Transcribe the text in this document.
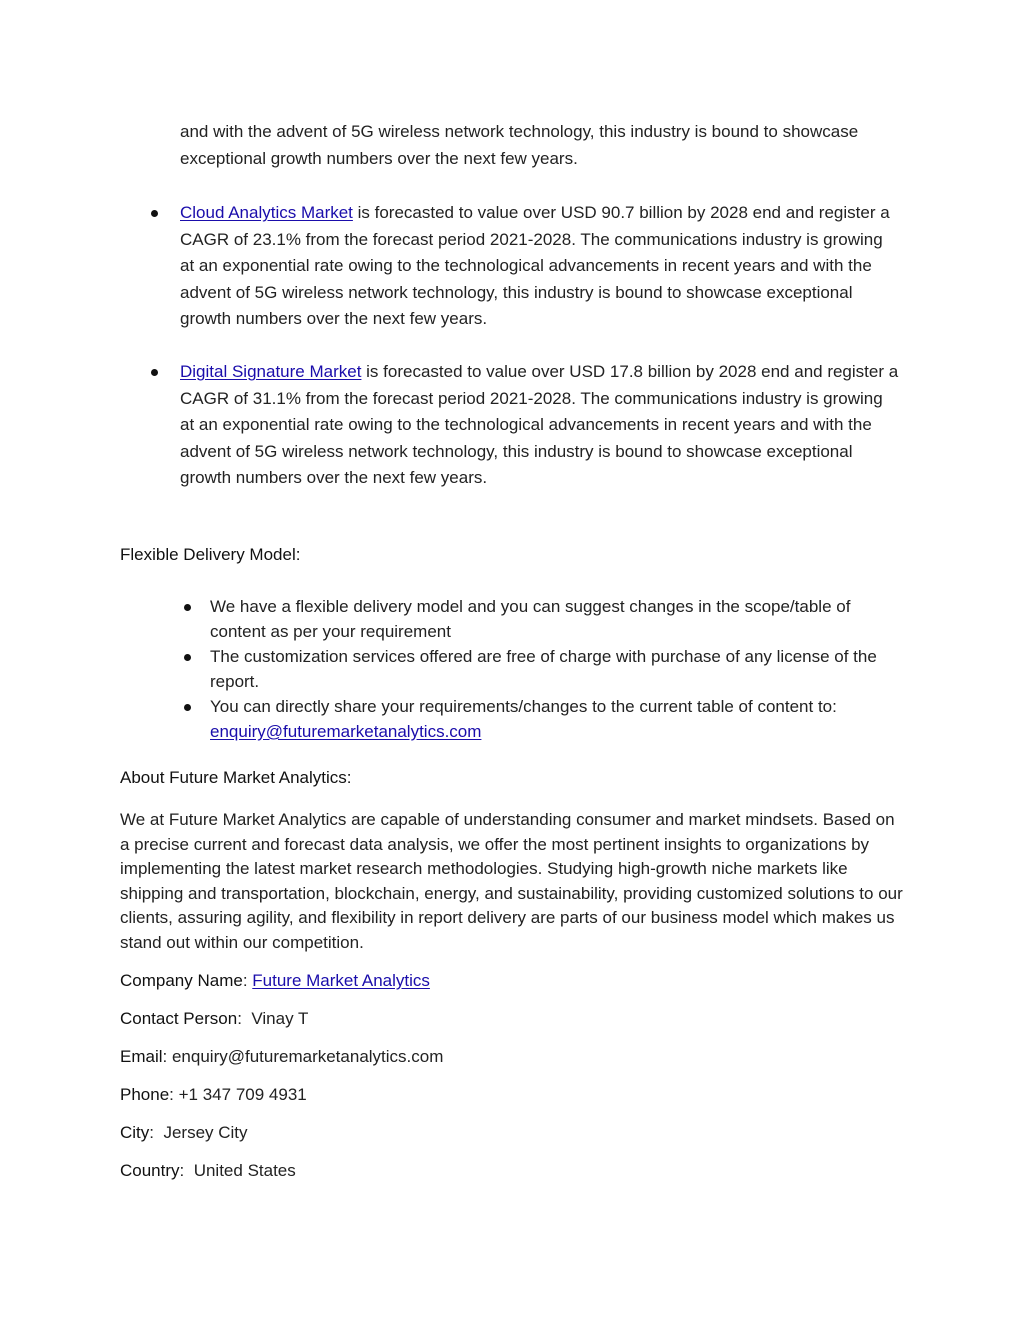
and with the advent of 5G wireless network technology, this industry is bound to showcase exceptional growth numbers over the next few years.

Cloud Analytics Market is forecasted to value over USD 90.7 billion by 2028 end and register a CAGR of 23.1% from the forecast period 2021-2028. The communications industry is growing at an exponential rate owing to the technological advancements in recent years and with the advent of 5G wireless network technology, this industry is bound to showcase exceptional growth numbers over the next few years.

Digital Signature Market is forecasted to value over USD 17.8 billion by 2028 end and register a CAGR of 31.1% from the forecast period 2021-2028. The communications industry is growing at an exponential rate owing to the technological advancements in recent years and with the advent of 5G wireless network technology, this industry is bound to showcase exceptional growth numbers over the next few years.

Flexible Delivery Model:

We have a flexible delivery model and you can suggest changes in the scope/table of content as per your requirement

The customization services offered are free of charge with purchase of any license of the report.

You can directly share your requirements/changes to the current table of content to: enquiry@futuremarketanalytics.com

About Future Market Analytics:

We at Future Market Analytics are capable of understanding consumer and market mindsets. Based on a precise current and forecast data analysis, we offer the most pertinent insights to organizations by implementing the latest market research methodologies. Studying high-growth niche markets like shipping and transportation, blockchain, energy, and sustainability, providing customized solutions to our clients, assuring agility, and flexibility in report delivery are parts of our business model which makes us stand out within our competition.

Company Name: Future Market Analytics

Contact Person:  Vinay T

Email: enquiry@futuremarketanalytics.com

Phone: +1 347 709 4931

City:  Jersey City

Country:  United States
